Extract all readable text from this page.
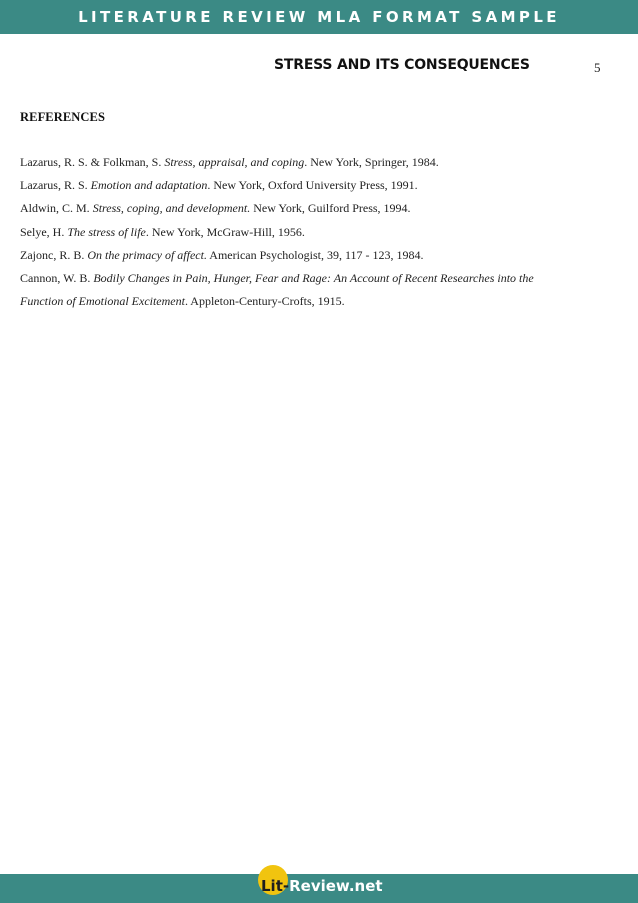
LITERATURE REVIEW MLA FORMAT SAMPLE
STRESS AND ITS CONSEQUENCES	5
REFERENCES
Lazarus, R. S. & Folkman, S. Stress, appraisal, and coping. New York, Springer, 1984.
Lazarus, R. S. Emotion and adaptation. New York, Oxford University Press, 1991.
Aldwin, C. M. Stress, coping, and development. New York, Guilford Press, 1994.
Selye, H. The stress of life. New York, McGraw-Hill, 1956.
Zajonc, R. B. On the primacy of affect. American Psychologist, 39, 117 - 123, 1984.
Cannon, W. B. Bodily Changes in Pain, Hunger, Fear and Rage: An Account of Recent Researches into the
Function of Emotional Excitement. Appleton-Century-Crofts, 1915.
Lit-Review.net
